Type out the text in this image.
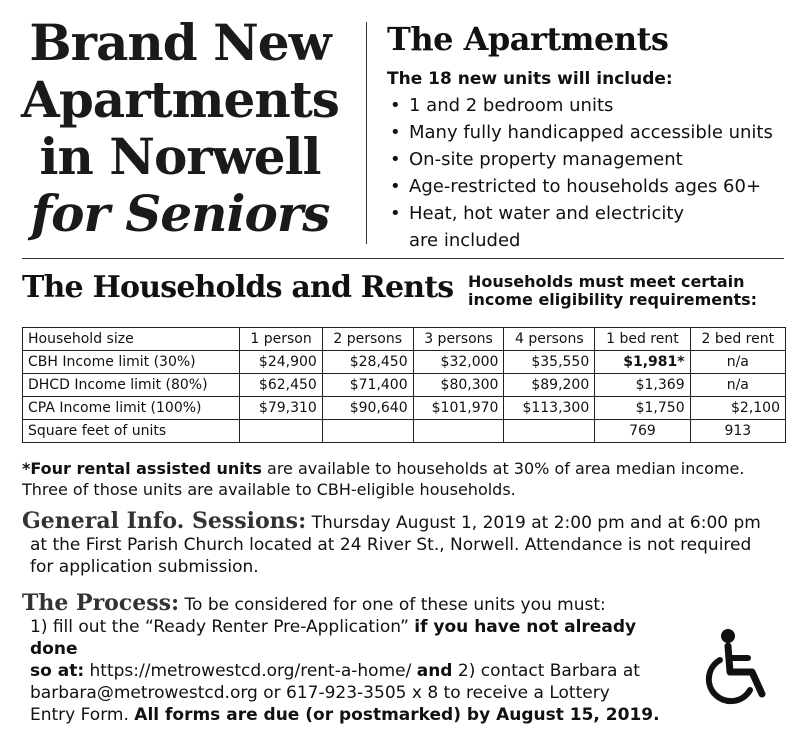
Brand New
Apartments
in Norwell
for Seniors
The Apartments
The 18 new units will include:
• 1 and 2 bedroom units
• Many fully handicapped accessible units
• On-site property management
• Age-restricted to households ages 60+
• Heat, hot water and electricity
are included
The Households and Rents Households must meet certain
income eligibility requirements:
Household size	1 person	2 persons	3 persons	4 persons	1 bed rent	2 bed rent
CBH Income limit (30%)	$24,900	$28,450	$32,000	$35,550	$1,981*	n/a
DHCD Income limit (80%)	$62,450	$71,400	$80,300	$89,200	$1,369	n/a
CPA Income limit (100%)	$79,310	$90,640	$101,970	$113,300	$1,750	$2,100
Square feet of units					769	913
*Four rental assisted units are available to households at 30% of area median income.
Three of those units are available to CBH-eligible households.
General Info. Sessions: Thursday August 1, 2019 at 2:00 pm and at 6:00 pm
at the First Parish Church located at 24 River St., Norwell. Attendance is not required
for application submission.
The Process: To be considered for one of these units you must:
1) fill out the “Ready Renter Pre-Application” if you have not already done
so at: https://metrowestcd.org/rent-a-home/ and 2) contact Barbara at
barbara@metrowestcd.org or 617-923-3505 x 8 to receive a Lottery
Entry Form. All forms are due (or postmarked) by August 15, 2019.
